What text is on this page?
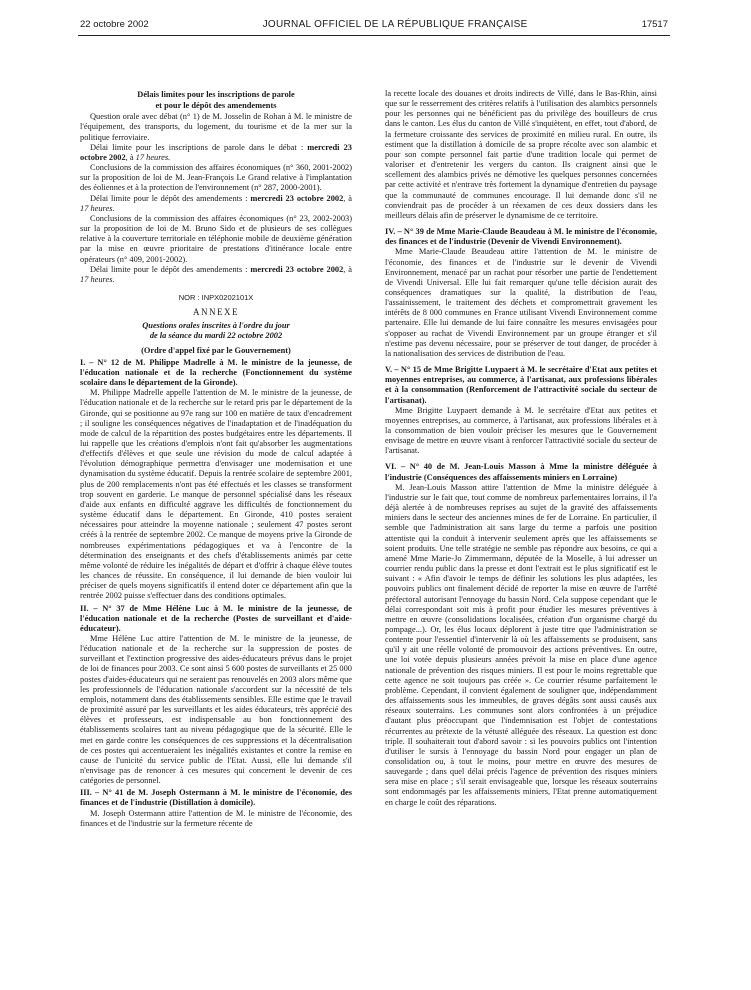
22 octobre 2002	JOURNAL OFFICIEL DE LA RÉPUBLIQUE FRANÇAISE	17517

Délais limites pour les inscriptions de parole

et pour le dépôt des amendements

Question orale avec débat (n° 1) de M. Josselin de Rohan à M. le ministre de l'équipement, des transports, du logement, du tourisme et de la mer sur la politique ferroviaire.

Délai limite pour les inscriptions de parole dans le débat : mercredi 23 octobre 2002, à 17 heures.

Conclusions de la commission des affaires économiques (n° 360, 2001-2002) sur la proposition de loi de M. Jean-François Le Grand relative à l'implantation des éoliennes et à la protection de l'environnement (n° 287, 2000-2001).

Délai limite pour le dépôt des amendements : mercredi 23 octobre 2002, à 17 heures.

Conclusions de la commission des affaires économiques (n° 23, 2002-2003) sur la proposition de loi de M. Bruno Sido et de plusieurs de ses collègues relative à la couverture territoriale en téléphonie mobile de deuxième génération par la mise en œuvre prioritaire de prestations d'itinérance locale entre opérateurs (n° 409, 2001-2002).

Délai limite pour le dépôt des amendements : mercredi 23 octobre 2002, à 17 heures.

NOR : INPX0202101X

ANNEXE

Questions orales inscrites à l'ordre du jour

de la séance du mardi 22 octobre 2002

(Ordre d'appel fixé par le Gouvernement)

I. – N° 12 de M. Philippe Madrelle à M. le ministre de la jeunesse, de l'éducation nationale et de la recherche (Fonctionnement du système scolaire dans le département de la Gironde).

M. Philippe Madrelle appelle l'attention de M. le ministre de la jeunesse, de l'éducation nationale et de la recherche sur le retard pris par le département de la Gironde, qui se positionne au 97e rang sur 100 en matière de taux d'encadrement ; il souligne les conséquences négatives de l'inadaptation et de l'inadéquation du mode de calcul de la répartition des postes budgétaires entre les départements. Il lui rappelle que les créations d'emplois n'ont fait qu'absorber les augmentations d'effectifs d'élèves et que seule une révision du mode de calcul adaptée à l'évolution démographique permettra d'envisager une modernisation et une dynamisation du système éducatif. Depuis la rentrée scolaire de septembre 2001, plus de 200 remplacements n'ont pas été effectués et les classes se transforment trop souvent en garderie. Le manque de personnel spécialisé dans les réseaux d'aide aux enfants en difficulté aggrave les difficultés de fonctionnement du système éducatif dans le département. En Gironde, 410 postes seraient nécessaires pour atteindre la moyenne nationale ; seulement 47 postes seront créés à la rentrée de septembre 2002. Ce manque de moyens prive la Gironde de nombreuses expérimentations pédagogiques et va à l'encontre de la détermination des enseignants et des chefs d'établissements animés par cette même volonté de réduire les inégalités de départ et d'offrir à chaque élève toutes les chances de réussite. En conséquence, il lui demande de bien vouloir lui préciser de quels moyens significatifs il entend doter ce département afin que la rentrée 2002 puisse s'effectuer dans des conditions optimales.

II. – N° 37 de Mme Hélène Luc à M. le ministre de la jeunesse, de l'éducation nationale et de la recherche (Postes de surveillant et d'aide-éducateur).

Mme Hélène Luc attire l'attention de M. le ministre de la jeunesse, de l'éducation nationale et de la recherche sur la suppression de postes de surveillant et l'extinction progressive des aides-éducateurs prévus dans le projet de loi de finances pour 2003. Ce sont ainsi 5 600 postes de surveillants et 25 000 postes d'aides-éducateurs qui ne seraient pas renouvelés en 2003 alors même que les professionnels de l'éducation nationale s'accordent sur la nécessité de tels emplois, notamment dans des établissements sensibles. Elle estime que le travail de proximité assuré par les surveillants et les aides éducateurs, très apprécié des élèves et professeurs, est indispensable au bon fonctionnement des établissements scolaires tant au niveau pédagogique que de la sécurité. Elle le met en garde contre les conséquences de ces suppressions et la décentralisation de ces postes qui accentueraient les inégalités existantes et contre la remise en cause de l'unicité du service public de l'Etat. Aussi, elle lui demande s'il n'envisage pas de renoncer à ces mesures qui concernent le devenir de ces catégories de personnel.

III. – N° 41 de M. Joseph Ostermann à M. le ministre de l'économie, des finances et de l'industrie (Distillation à domicile).

M. Joseph Ostermann attire l'attention de M. le ministre de l'économie, des finances et de l'industrie sur la fermeture récente de

la recette locale des douanes et droits indirects de Villé, dans le Bas-Rhin, ainsi que sur le resserrement des critères relatifs à l'utilisation des alambics personnels pour les personnes qui ne bénéficient pas du privilège des bouilleurs de crus dans le canton. Les élus du canton de Villé s'inquiètent, en effet, tout d'abord, de la fermeture croissante des services de proximité en milieu rural. En outre, ils estiment que la distillation à domicile de sa propre récolte avec son alambic et pour son compte personnel fait partie d'une tradition locale qui permet de valoriser et d'entretenir les vergers du canton. Ils craignent ainsi que le scellement des alambics privés ne démotive les quelques personnes concernées par cette activité et n'entrave très fortement la dynamique d'entretien du paysage que la communauté de communes encourage. Il lui demande donc s'il ne conviendrait pas de procéder à un réexamen de ces deux dossiers dans les meilleurs délais afin de préserver le dynamisme de ce territoire.

IV. – N° 39 de Mme Marie-Claude Beaudeau à M. le ministre de l'économie, des finances et de l'industrie (Devenir de Vivendi Environnement).

Mme Marie-Claude Beaudeau attire l'attention de M. le ministre de l'économie, des finances et de l'industrie sur le devenir de Vivendi Environnement, menacé par un rachat pour résorber une partie de l'endettement de Vivendi Universal. Elle lui fait remarquer qu'une telle décision aurait des conséquences dramatiques sur la qualité, la distribution de l'eau, l'assainissement, le traitement des déchets et compromettrait gravement les intérêts de 8 000 communes en France utilisant Vivendi Environnement comme partenaire. Elle lui demande de lui faire connaître les mesures envisagées pour s'opposer au rachat de Vivendi Environnement par un groupe étranger et s'il n'estime pas devenu nécessaire, pour se préserver de tout danger, de procéder à la nationalisation des services de distribution de l'eau.

V. – N° 15 de Mme Brigitte Luypaert à M. le secrétaire d'Etat aux petites et moyennes entreprises, au commerce, à l'artisanat, aux professions libérales et à la consommation (Renforcement de l'attractivité sociale du secteur de l'artisanat).

Mme Brigitte Luypaert demande à M. le secrétaire d'Etat aux petites et moyennes entreprises, au commerce, à l'artisanat, aux professions libérales et à la consommation de bien vouloir préciser les mesures que le Gouvernement envisage de mettre en œuvre visant à renforcer l'attractivité sociale du secteur de l'artisanat.

VI. – N° 40 de M. Jean-Louis Masson à Mme la ministre déléguée à l'industrie (Conséquences des affaissements miniers en Lorraine)

M. Jean-Louis Masson attire l'attention de Mme la ministre déléguée à l'industrie sur le fait que, tout comme de nombreux parlementaires lorrains, il l'a déjà alertée à de nombreuses reprises au sujet de la gravité des affaissements miniers dans le secteur des anciennes mines de fer de Lorraine. En particulier, il semble que l'administration ait sans large du terme a parfois une position attentiste qui la conduit à intervenir seulement après que les affaissements se soient produits. Une telle stratégie ne semble pas répondre aux besoins, ce qui a amené Mme Marie-Jo Zimmermann, députée de la Moselle, à lui adresser un courrier rendu public dans la presse et dont l'extrait est le plus significatif est le suivant : « Afin d'avoir le temps de définir les solutions les plus adaptées, les pouvoirs publics ont finalement décidé de reporter la mise en œuvre de l'arrêté préfectoral autorisant l'ennoyage du bassin Nord. Cela suppose cependant que le délai correspondant soit mis à profit pour étudier les mesures préventives à mettre en œuvre (consolidations localisées, création d'un organisme chargé du pompage...). Or, les élus locaux déplorent à juste titre que l'administration se contente pour l'essentiel d'intervenir là où les affaissements se produisent, sans qu'il y ait une réelle volonté de promouvoir des actions préventives. En outre, une loi votée depuis plusieurs années prévoit la mise en place d'une agence nationale de prévention des risques miniers. Il est pour le moins regrettable que cette agence ne soit toujours pas créée ». Ce courrier résume parfaitement le problème. Cependant, il convient également de souligner que, indépendamment des affaissements sous les immeubles, de graves dégâts sont aussi causés aux réseaux souterrains. Les communes sont alors confrontées à un préjudice d'autant plus préoccupant que l'indemnisation est l'objet de contestations récurrentes au prétexte de la vétusté alléguée des réseaux. La question est donc triple. Il souhaiterait tout d'abord savoir : si les pouvoirs publics ont l'intention d'utiliser le sursis à l'ennoyage du bassin Nord pour engager un plan de consolidation ou, à tout le moins, pour mettre en œuvre des mesures de sauvegarde ; dans quel délai précis l'agence de prévention des risques miniers sera mise en place ; s'il serait envisageable que, lorsque les réseaux souterrains sont endommagés par les affaissements miniers, l'Etat prenne automatiquement en charge le coût des réparations.
